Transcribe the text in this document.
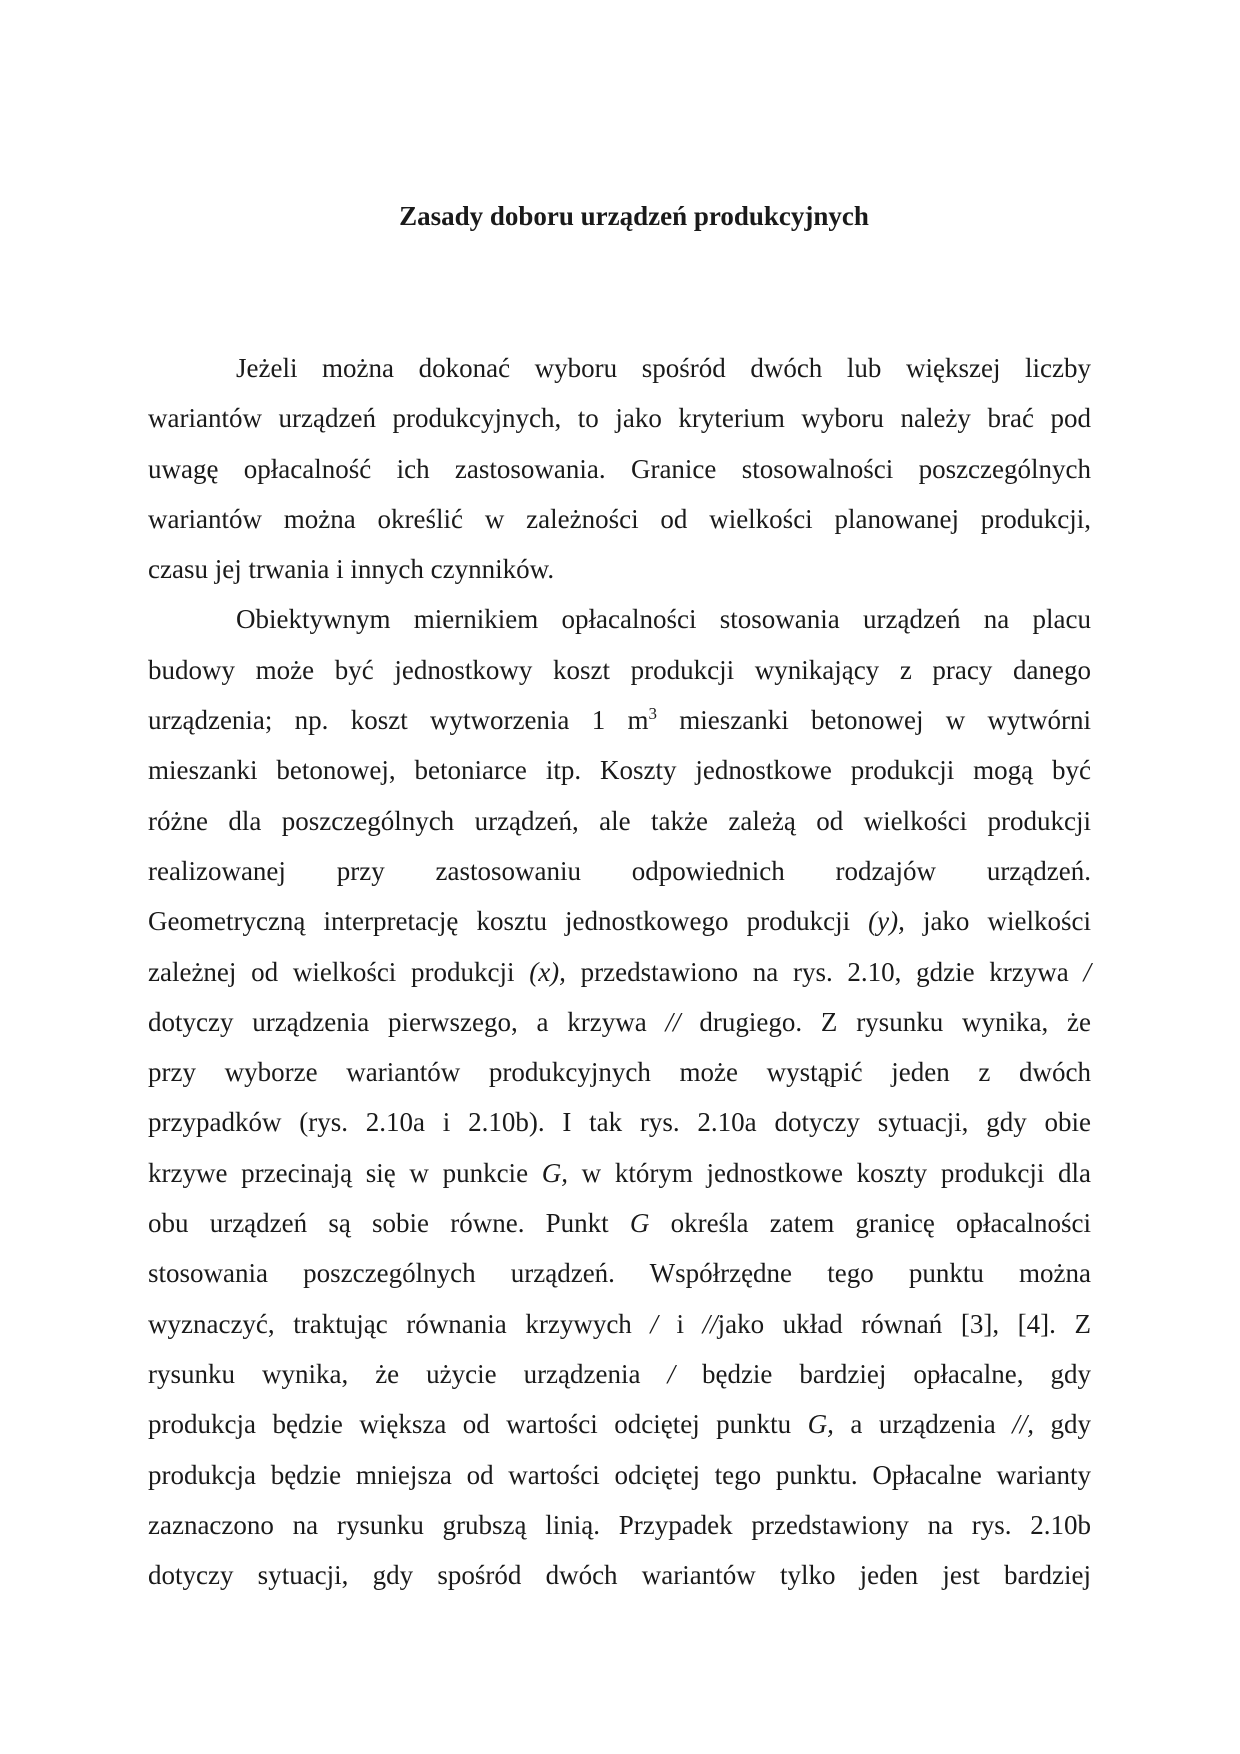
Zasady doboru urządzeń produkcyjnych
Jeżeli można dokonać wyboru spośród dwóch lub większej liczby
wariantów urządzeń produkcyjnych, to jako kryterium wyboru należy brać pod
uwagę opłacalność ich zastosowania. Granice stosowalności poszczególnych
wariantów można określić w zależności od wielkości planowanej produkcji,
czasu jej trwania i innych czynników.
Obiektywnym miernikiem opłacalności stosowania urządzeń na placu
budowy może być jednostkowy koszt produkcji wynikający z pracy danego
urządzenia; np. koszt wytworzenia 1 $m^3$ mieszanki betonowej w wytwórni
mieszanki betonowej, betoniarce itp. Koszty jednostkowe produkcji mogą być
różne dla poszczególnych urządzeń, ale także zależą od wielkości produkcji
realizowanej przy zastosowaniu odpowiednich rodzajów urządzeń.
Geometryczną interpretację kosztu jednostkowego produkcji (y), jako wielkości
zależnej od wielkości produkcji (x), przedstawiono na rys. 2.10, gdzie krzywa /
dotyczy urządzenia pierwszego, a krzywa // drugiego. Z rysunku wynika, że
przy wyborze wariantów produkcyjnych może wystąpić jeden z dwóch
przypadków (rys. 2.10a i 2.10b). I tak rys. 2.10a dotyczy sytuacji, gdy obie
krzywe przecinają się w punkcie G, w którym jednostkowe koszty produkcji dla
obu urządzeń są sobie równe. Punkt G określa zatem granicę opłacalności
stosowania poszczególnych urządzeń. Współrzędne tego punktu można
wyznaczyć, traktując równania krzywych / i //jako układ równań [3], [4]. Z
rysunku wynika, że użycie urządzenia / będzie bardziej opłacalne, gdy
produkcja będzie większa od wartości odciętej punktu G, a urządzenia //, gdy
produkcja będzie mniejsza od wartości odciętej tego punktu. Opłacalne warianty
zaznaczono na rysunku grubszą linią. Przypadek przedstawiony na rys. 2.10b
dotyczy sytuacji, gdy spośród dwóch wariantów tylko jeden jest bardziej
